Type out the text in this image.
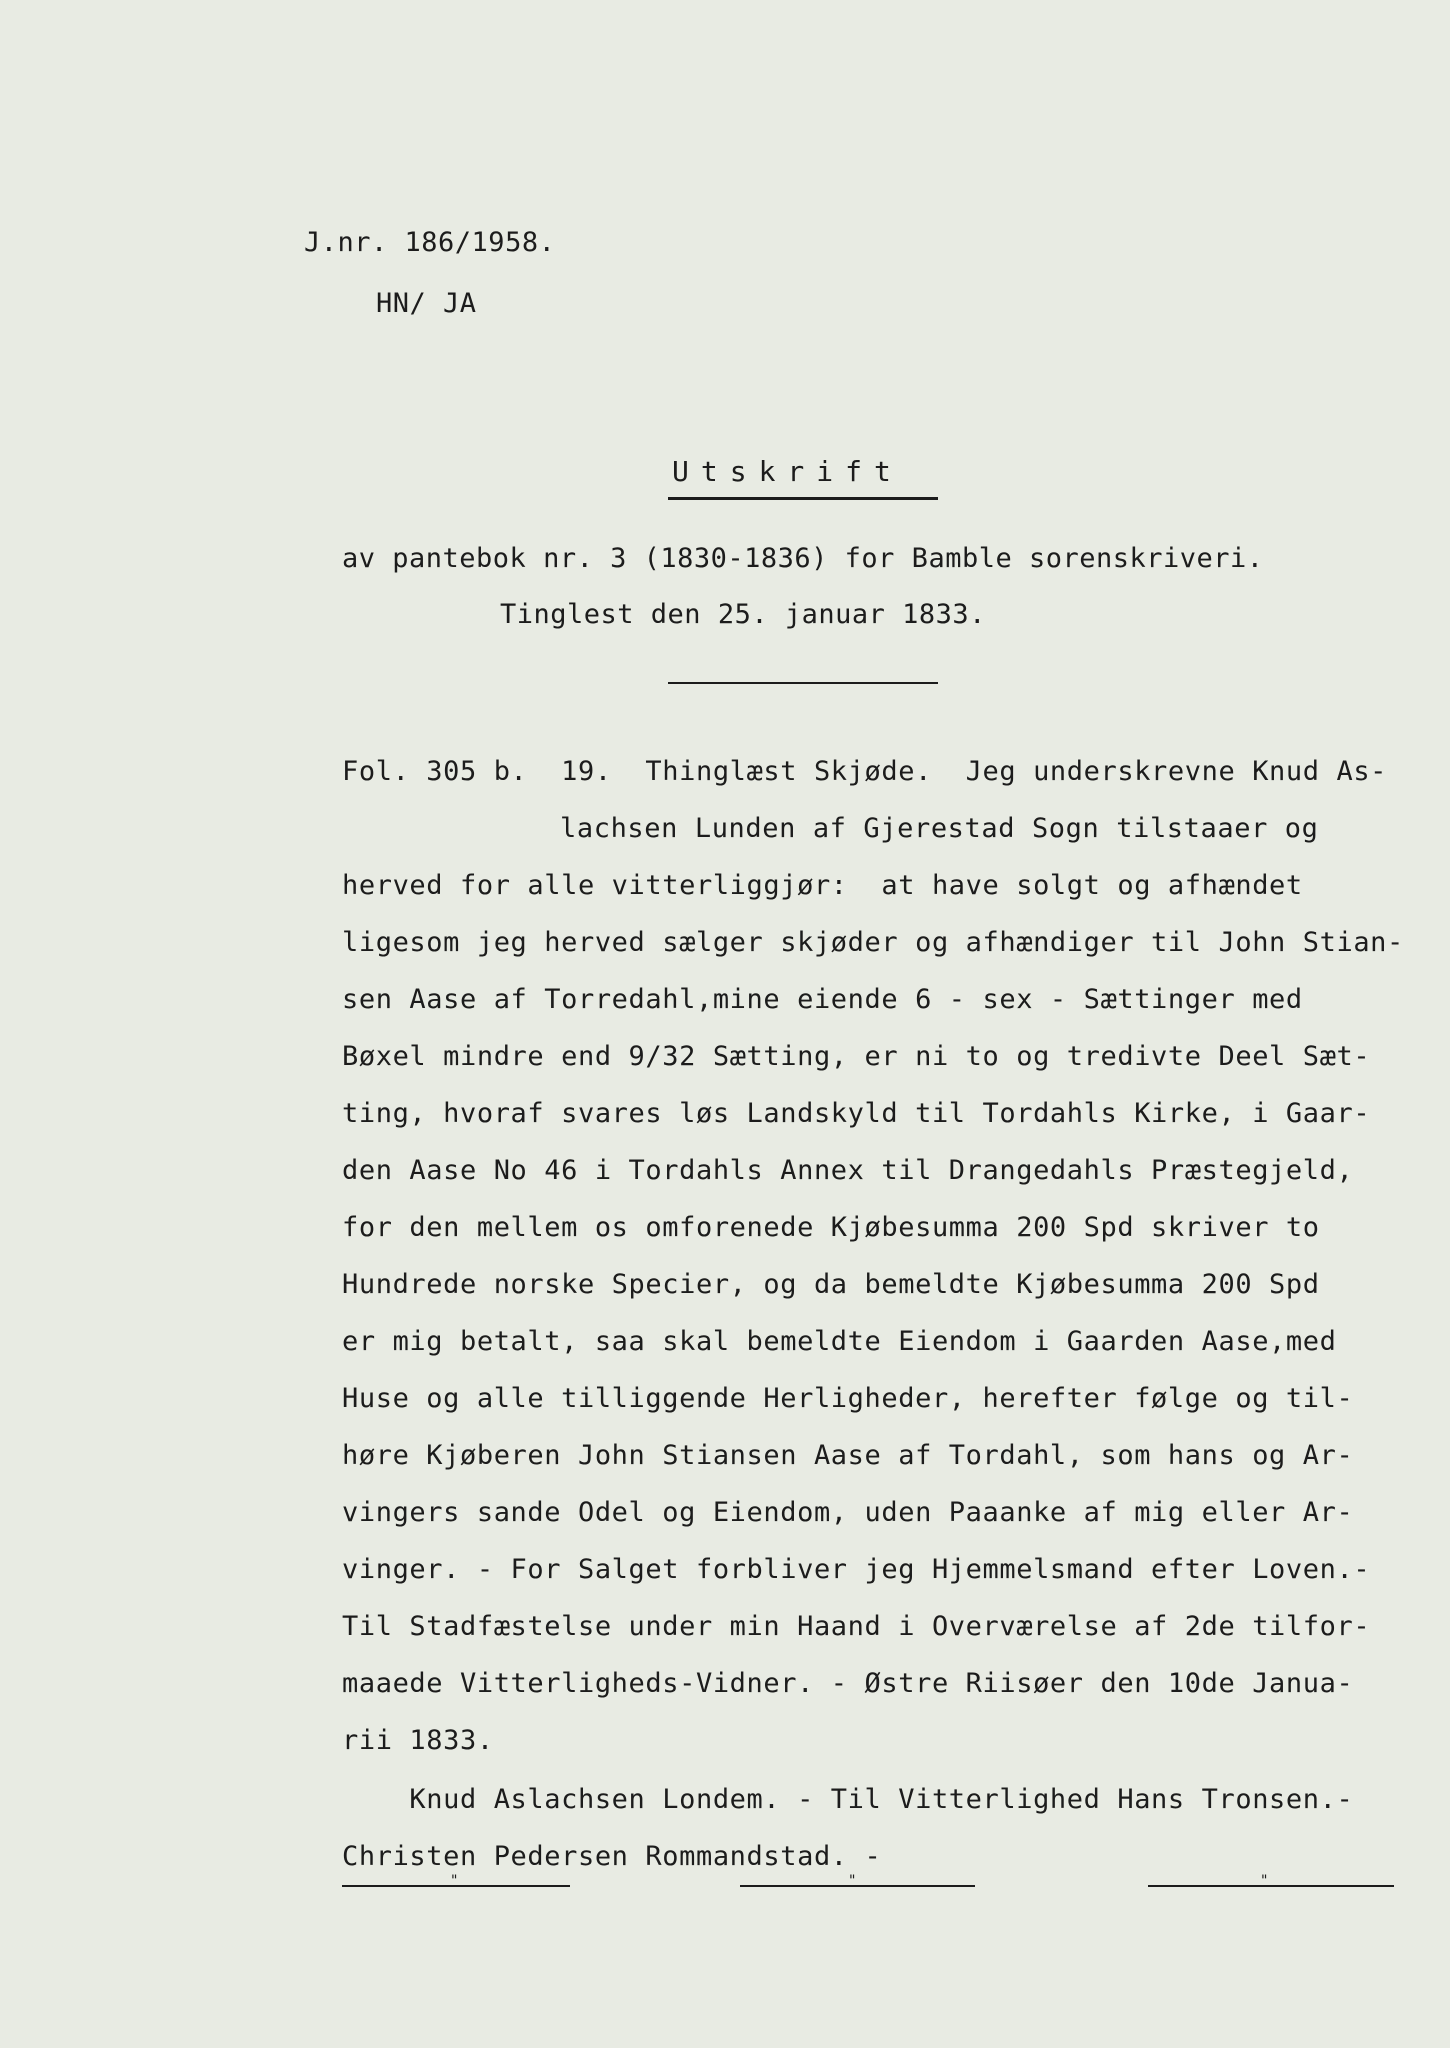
J.nr. 186/1958.
HN/ JA
Utskrift
av pantebok nr. 3 (1830-1836) for Bamble sorenskriveri.
Tinglest den 25. januar 1833.
Fol. 305 b.  19.  Thinglæst Skjøde.  Jeg underskrevne Knud As-
lachsen Lunden af Gjerestad Sogn tilstaaer og
herved for alle vitterliggjør:  at have solgt og afhændet
ligesom jeg herved sælger skjøder og afhændiger til John Stian-
sen Aase af Torredahl,mine eiende 6 - sex - Sættinger med
Bøxel mindre end 9/32 Sætting, er ni to og tredivte Deel Sæt-
ting, hvoraf svares løs Landskyld til Tordahls Kirke, i Gaar-
den Aase No 46 i Tordahls Annex til Drangedahls Præstegjeld,
for den mellem os omforenede Kjøbesumma 200 Spd skriver to
Hundrede norske Specier, og da bemeldte Kjøbesumma 200 Spd
er mig betalt, saa skal bemeldte Eiendom i Gaarden Aase,med
Huse og alle tilliggende Herligheder, herefter følge og til-
høre Kjøberen John Stiansen Aase af Tordahl, som hans og Ar-
vingers sande Odel og Eiendom, uden Paaanke af mig eller Ar-
vinger. - For Salget forbliver jeg Hjemmelsmand efter Loven.-
Til Stadfæstelse under min Haand i Overværelse af 2de tilfor-
maaede Vitterligheds-Vidner. - Østre Riisøer den 10de Janua-
rii 1833.
Knud Aslachsen Londem. - Til Vitterlighed Hans Tronsen.-
Christen Pedersen Rommandstad. -
"	"	"
